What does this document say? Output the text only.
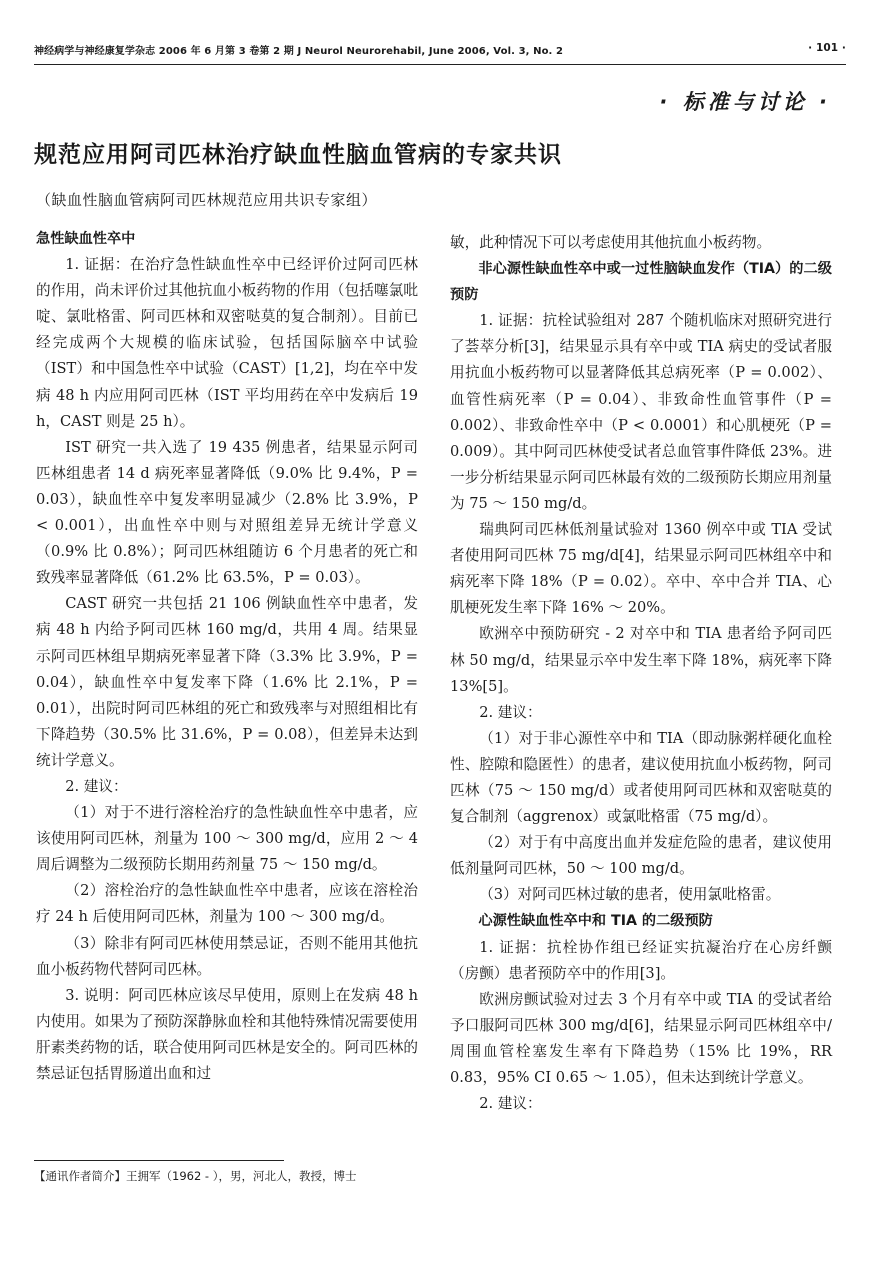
神经病学与神经康复学杂志 2006 年 6 月第 3 卷第 2 期 J Neurol Neurorehabil, June 2006, Vol. 3, No. 2	· 101 ·
· 标准与讨论 ·
规范应用阿司匹林治疗缺血性脑血管病的专家共识
（缺血性脑血管病阿司匹林规范应用共识专家组）

急性缺血性卒中

1. 证据：在治疗急性缺血性卒中已经评价过阿司匹林的作用，尚未评价过其他抗血小板药物的作用（包括噻氯吡啶、氯吡格雷、阿司匹林和双密哒莫的复合制剂）。目前已经完成两个大规模的临床试验，包括国际脑卒中试验（IST）和中国急性卒中试验（CAST）[1,2]，均在卒中发病 48 h 内应用阿司匹林（IST 平均用药在卒中发病后 19 h，CAST 则是 25 h）。

IST 研究一共入选了 19 435 例患者，结果显示阿司匹林组患者 14 d 病死率显著降低（9.0% 比 9.4%，P = 0.03），缺血性卒中复发率明显减少（2.8% 比 3.9%，P < 0.001），出血性卒中则与对照组差异无统计学意义（0.9% 比 0.8%）；阿司匹林组随访 6 个月患者的死亡和致残率显著降低（61.2% 比 63.5%，P = 0.03）。

CAST 研究一共包括 21 106 例缺血性卒中患者，发病 48 h 内给予阿司匹林 160 mg/d，共用 4 周。结果显示阿司匹林组早期病死率显著下降（3.3% 比 3.9%，P = 0.04），缺血性卒中复发率下降（1.6% 比 2.1%，P = 0.01），出院时阿司匹林组的死亡和致残率与对照组相比有下降趋势（30.5% 比 31.6%，P = 0.08），但差异未达到统计学意义。

2. 建议：

（1）对于不进行溶栓治疗的急性缺血性卒中患者，应该使用阿司匹林，剂量为 100 ～ 300 mg/d，应用 2 ～ 4 周后调整为二级预防长期用药剂量 75 ～ 150 mg/d。

（2）溶栓治疗的急性缺血性卒中患者，应该在溶栓治疗 24 h 后使用阿司匹林，剂量为 100 ～ 300 mg/d。

（3）除非有阿司匹林使用禁忌证，否则不能用其他抗血小板药物代替阿司匹林。

3. 说明：阿司匹林应该尽早使用，原则上在发病 48 h 内使用。如果为了预防深静脉血栓和其他特殊情况需要使用肝素类药物的话，联合使用阿司匹林是安全的。阿司匹林的禁忌证包括胃肠道出血和过

敏，此种情况下可以考虑使用其他抗血小板药物。

非心源性缺血性卒中或一过性脑缺血发作（TIA）的二级预防

1. 证据：抗栓试验组对 287 个随机临床对照研究进行了荟萃分析[3]，结果显示具有卒中或 TIA 病史的受试者服用抗血小板药物可以显著降低其总病死率（P = 0.002）、血管性病死率（P = 0.04）、非致命性血管事件（P = 0.002）、非致命性卒中（P < 0.0001）和心肌梗死（P = 0.009）。其中阿司匹林使受试者总血管事件降低 23%。进一步分析结果显示阿司匹林最有效的二级预防长期应用剂量为 75 ～ 150 mg/d。

瑞典阿司匹林低剂量试验对 1360 例卒中或 TIA 受试者使用阿司匹林 75 mg/d[4]，结果显示阿司匹林组卒中和病死率下降 18%（P = 0.02）。卒中、卒中合并 TIA、心肌梗死发生率下降 16% ～ 20%。

欧洲卒中预防研究 - 2 对卒中和 TIA 患者给予阿司匹林 50 mg/d，结果显示卒中发生率下降 18%，病死率下降 13%[5]。

2. 建议：

（1）对于非心源性卒中和 TIA（即动脉粥样硬化血栓性、腔隙和隐匿性）的患者，建议使用抗血小板药物，阿司匹林（75 ～ 150 mg/d）或者使用阿司匹林和双密哒莫的复合制剂（aggrenox）或氯吡格雷（75 mg/d）。

（2）对于有中高度出血并发症危险的患者，建议使用低剂量阿司匹林，50 ～ 100 mg/d。

（3）对阿司匹林过敏的患者，使用氯吡格雷。

心源性缺血性卒中和 TIA 的二级预防

1. 证据：抗栓协作组已经证实抗凝治疗在心房纤颤（房颤）患者预防卒中的作用[3]。

欧洲房颤试验对过去 3 个月有卒中或 TIA 的受试者给予口服阿司匹林 300 mg/d[6]，结果显示阿司匹林组卒中/周围血管栓塞发生率有下降趋势（15% 比 19%，RR 0.83，95% CI 0.65 ～ 1.05），但未达到统计学意义。

2. 建议：

【通讯作者简介】王拥军（1962 - ），男，河北人，教授，博士
